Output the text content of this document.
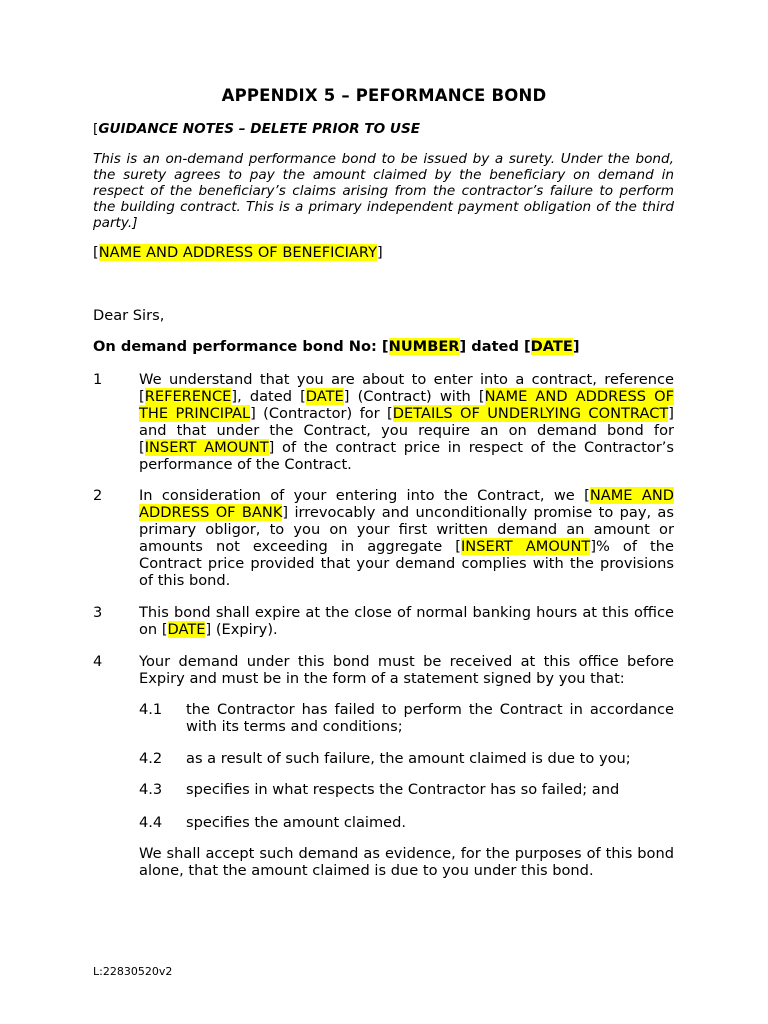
APPENDIX 5 – PEFORMANCE BOND
[GUIDANCE NOTES – DELETE PRIOR TO USE
This is an on-demand performance bond to be issued by a surety. Under the bond, the surety agrees to pay the amount claimed by the beneficiary on demand in respect of the beneficiary’s claims arising from the contractor’s failure to perform the building contract. This is a primary independent payment obligation of the third party.]
[NAME AND ADDRESS OF BENEFICIARY]
Dear Sirs,
On demand performance bond No: [NUMBER] dated [DATE]
1	We understand that you are about to enter into a contract, reference [REFERENCE], dated [DATE] (Contract) with [NAME AND ADDRESS OF THE PRINCIPAL] (Contractor) for [DETAILS OF UNDERLYING CONTRACT] and that under the Contract, you require an on demand bond for [INSERT AMOUNT] of the contract price in respect of the Contractor’s performance of the Contract.
2	In consideration of your entering into the Contract, we [NAME AND ADDRESS OF BANK] irrevocably and unconditionally promise to pay, as primary obligor, to you on your first written demand an amount or amounts not exceeding in aggregate [INSERT AMOUNT]% of the Contract price provided that your demand complies with the provisions of this bond.
3	This bond shall expire at the close of normal banking hours at this office on [DATE] (Expiry).
4	Your demand under this bond must be received at this office before Expiry and must be in the form of a statement signed by you that:
4.1	the Contractor has failed to perform the Contract in accordance with its terms and conditions;
4.2	as a result of such failure, the amount claimed is due to you;
4.3	specifies in what respects the Contractor has so failed; and
4.4	specifies the amount claimed.
We shall accept such demand as evidence, for the purposes of this bond alone, that the amount claimed is due to you under this bond.
L:22830520v2
